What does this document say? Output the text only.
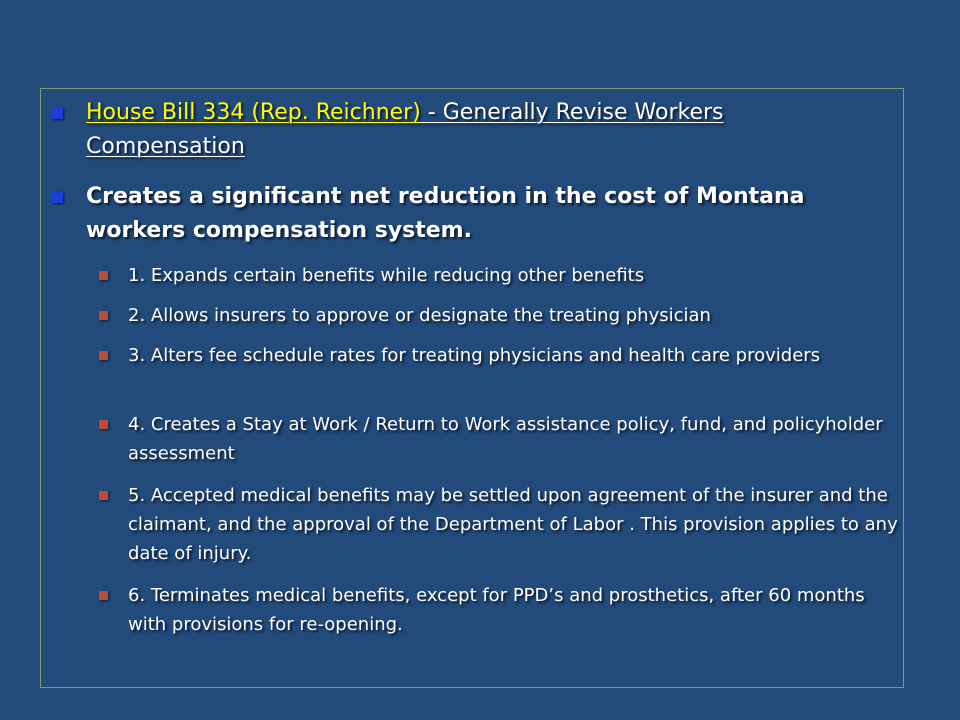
House Bill 334 (Rep. Reichner) - Generally Revise Workers Compensation
Creates a significant net reduction in the cost of Montana workers compensation system.
1. Expands certain benefits while reducing other benefits
2. Allows insurers to approve or designate the treating physician
3. Alters fee schedule rates for treating physicians and health care providers
4. Creates a Stay at Work / Return to Work assistance policy, fund, and policyholder assessment
5. Accepted medical benefits may be settled upon agreement of the insurer and the claimant, and the approval of the Department of Labor . This provision applies to any date of injury.
6. Terminates medical benefits, except for PPD’s and prosthetics, after 60 months with provisions for re-opening.
